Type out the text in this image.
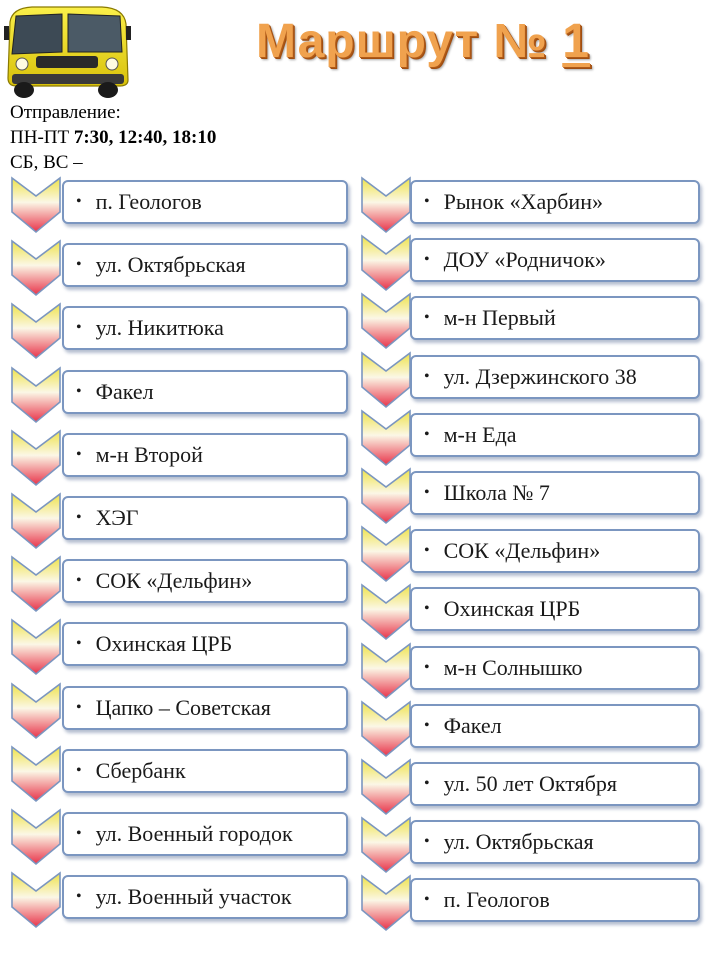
Маршрут № 1
Отправление:
ПН-ПТ 7:30, 12:40, 18:10
СБ, ВС –
• п. Геологов
• ул. Октябрьская
• ул. Никитюка
• Факел
• м-н Второй
• ХЭГ
• СОК «Дельфин»
• Охинская ЦРБ
• Цапко – Советская
• Сбербанк
• ул. Военный городок
• ул. Военный участок
• Рынок «Харбин»
• ДОУ «Родничок»
• м-н Первый
• ул. Дзержинского 38
• м-н Еда
• Школа № 7
• СОК «Дельфин»
• Охинская ЦРБ
• м-н Солнышко
• Факел
• ул. 50 лет Октября
• ул. Октябрьская
• п. Геологов
